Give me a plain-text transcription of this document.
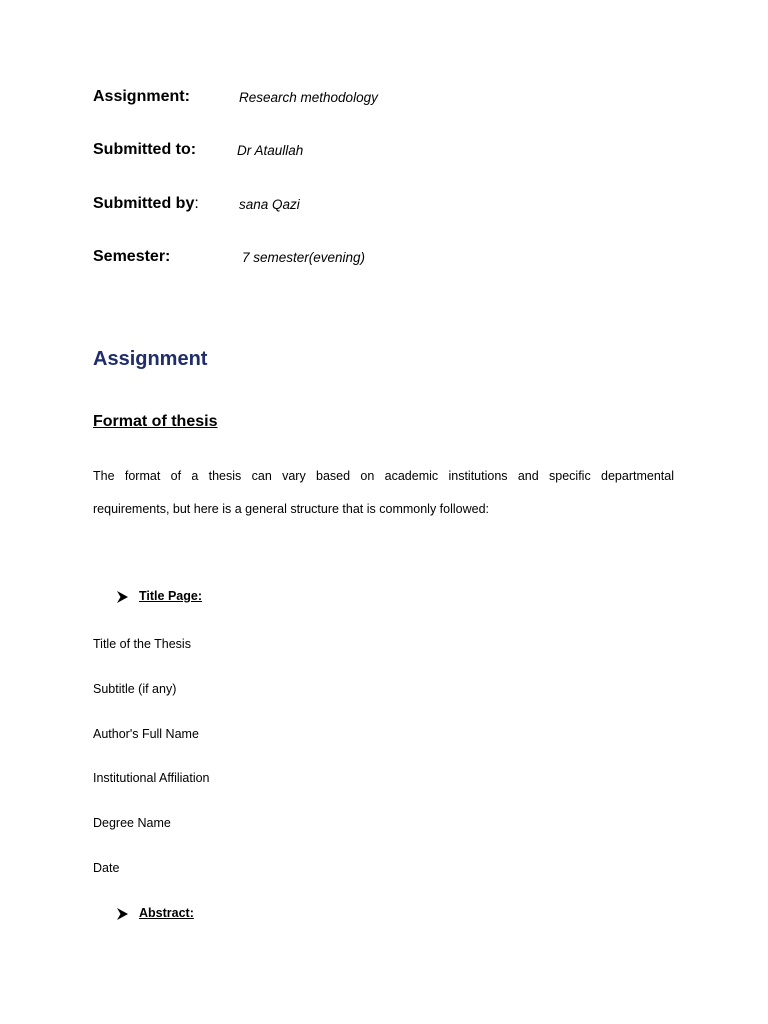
Assignment:	Research methodology
Submitted to:	Dr Ataullah
Submitted by:	sana Qazi
Semester:	7 semester(evening)
Assignment
Format of thesis
The format of a thesis can vary based on academic institutions and specific departmental
requirements, but here is a general structure that is commonly followed:
Title Page:
Title of the Thesis
Subtitle (if any)
Author's Full Name
Institutional Affiliation
Degree Name
Date
Abstract:
